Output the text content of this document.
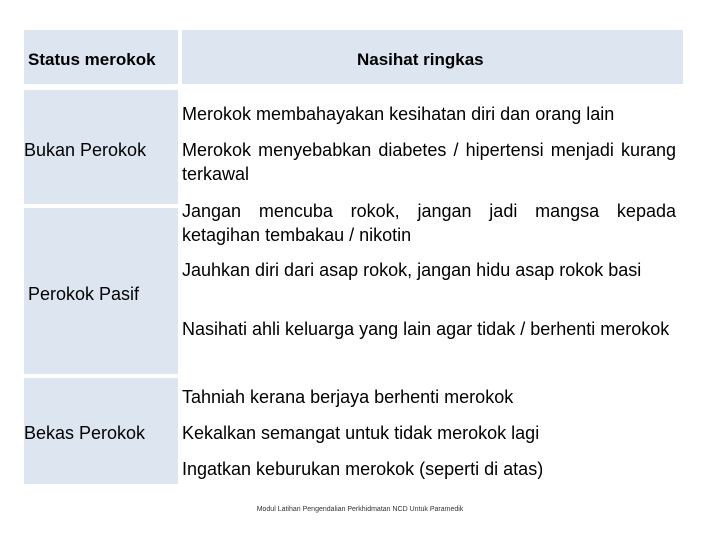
Status merokok	Nasihat ringkas
Bukan Perokok
Perokok Pasif
Bekas Perokok
Merokok membahayakan kesihatan diri dan orang lain
Merokok menyebabkan diabetes / hipertensi menjadi kurang terkawal
Jangan mencuba rokok, jangan jadi mangsa kepada ketagihan tembakau / nikotin
Jauhkan diri dari asap rokok, jangan hidu asap rokok basi
Nasihati ahli keluarga yang lain agar tidak / berhenti merokok
Tahniah kerana berjaya berhenti merokok
Kekalkan semangat untuk tidak merokok lagi
Ingatkan keburukan merokok (seperti di atas)
Modul Latihan Pengendalian Perkhidmatan NCD Untuk Paramedik
